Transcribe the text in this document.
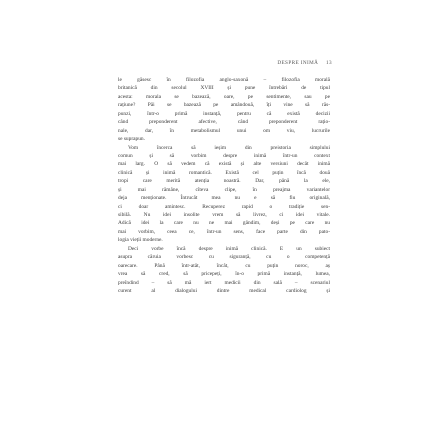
DESPRE INIMĂ 13
le găsesc în filozofia anglo-saxonă – filozofia morală
britanică din secolul XVIII și pune întrebări de tipul
acesta: morala se bazează, oare, pe sentimente, sau pe
rațiune? Păi se bazează pe amândouă, îți vine să răs-
punzi, într-o primă instanță, pentru că există decizii
când preponderent afective, când preponderent rațio-
nale, dar, în metabolismul unui om viu, lucrurile
se suprapun.
Vom încerca să ieșim din preistoria simplului
comun și să vorbim despre inimă într-un context
mai larg. O să vedem că există și alte versiuni decât inimă
clinică și inimă romantică. Există cel puțin încă două
tropi care merită atenția noastră. Dar, până la ele,
și mai rămâne, cîteva clipe, în preajma variantelor
deja menționate. Întrucât mea nu e să fiu originală,
ci doar amintesc. Recuperez rapid o tradiție sen-
sibilă. Nu idei insolite vrem să livrez, ci idei vitale.
Adică idei la care nu ne mai gândim, deși pe care nu
mai vorbim, ceea ce, într-un sens, face parte din pato-
logia vieții moderne.
Deci vorbe încă despre inimă clinică. E un subiect
asupra căruia vorbesc cu siguranță, cu o competență
oarecare. Până într-atât, încât, cu puțin noroc, aș
vrea să cred, să pricepeți, în-o primă instanță, lumea,
preîndind – să mă iert medicii din sală – scenariul
curent al dialogului dintre medical cardiolog și
